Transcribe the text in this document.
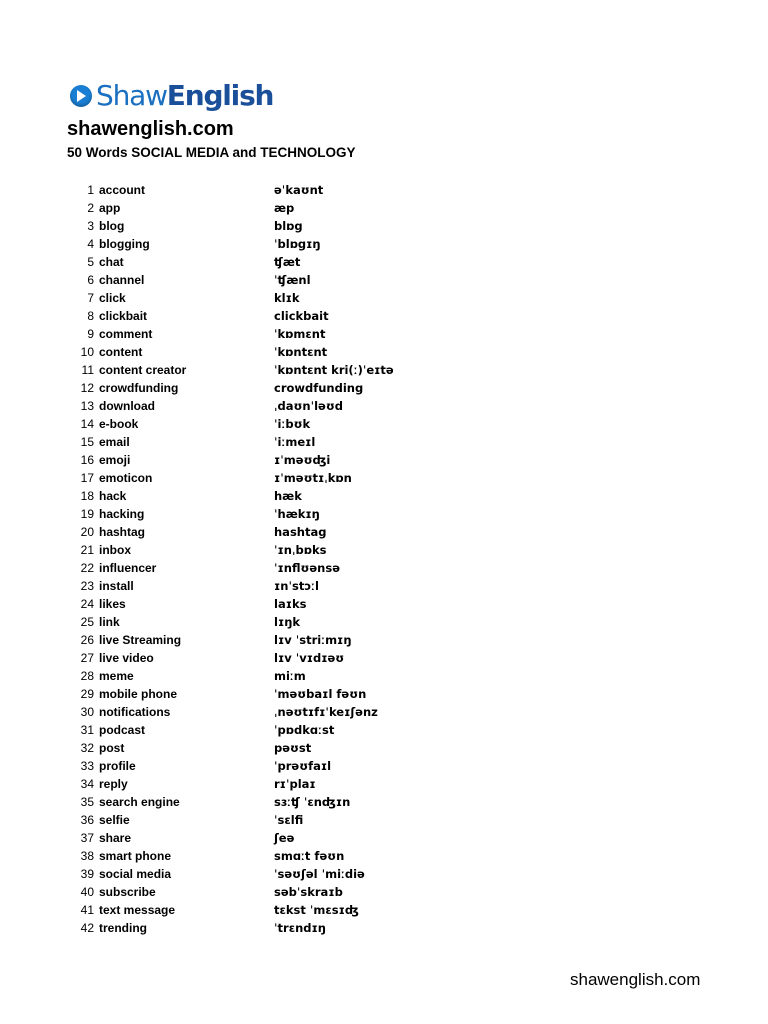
ShawEnglish
shawenglish.com
50 Words SOCIAL MEDIA and TECHNOLOGY
1 account	əˈkaʊnt
2 app	æp
3 blog	blɒg
4 blogging	ˈblɒgɪŋ
5 chat	ʧæt
6 channel	ˈʧænl
7 click	klɪk
8 clickbait	clickbait
9 comment	ˈkɒmɛnt
10 content	ˈkɒntɛnt
11 content creator	ˈkɒntɛnt kri(ː)ˈeɪtə
12 crowdfunding	crowdfunding
13 download	ˌdaʊnˈləʊd
14 e-book	ˈiːbʊk
15 email	ˈiːmeɪl
16 emoji	ɪˈməʊʤi
17 emoticon	ɪˈməʊtɪˌkɒn
18 hack	hæk
19 hacking	ˈhækɪŋ
20 hashtag	hashtag
21 inbox	ˈɪnˌbɒks
22 influencer	ˈɪnflʊənsə
23 install	ɪnˈstɔːl
24 likes	laɪks
25 link	lɪŋk
26 live Streaming	lɪv ˈstriːmɪŋ
27 live video	lɪv ˈvɪdɪəʊ
28 meme	miːm
29 mobile phone	ˈməʊbaɪl fəʊn
30 notifications	ˌnəʊtɪfɪˈkeɪʃənz
31 podcast	ˈpɒdkɑːst
32 post	pəʊst
33 profile	ˈprəʊfaɪl
34 reply	rɪˈplaɪ
35 search engine	sɜːʧ ˈɛnʤɪn
36 selfie	ˈsɛlfi
37 share	ʃeə
38 smart phone	smɑːt fəʊn
39 social media	ˈsəʊʃəl ˈmiːdiə
40 subscribe	səbˈskraɪb
41 text message	tɛkst ˈmɛsɪʤ
42 trending	ˈtrɛndɪŋ
shawenglish.com
